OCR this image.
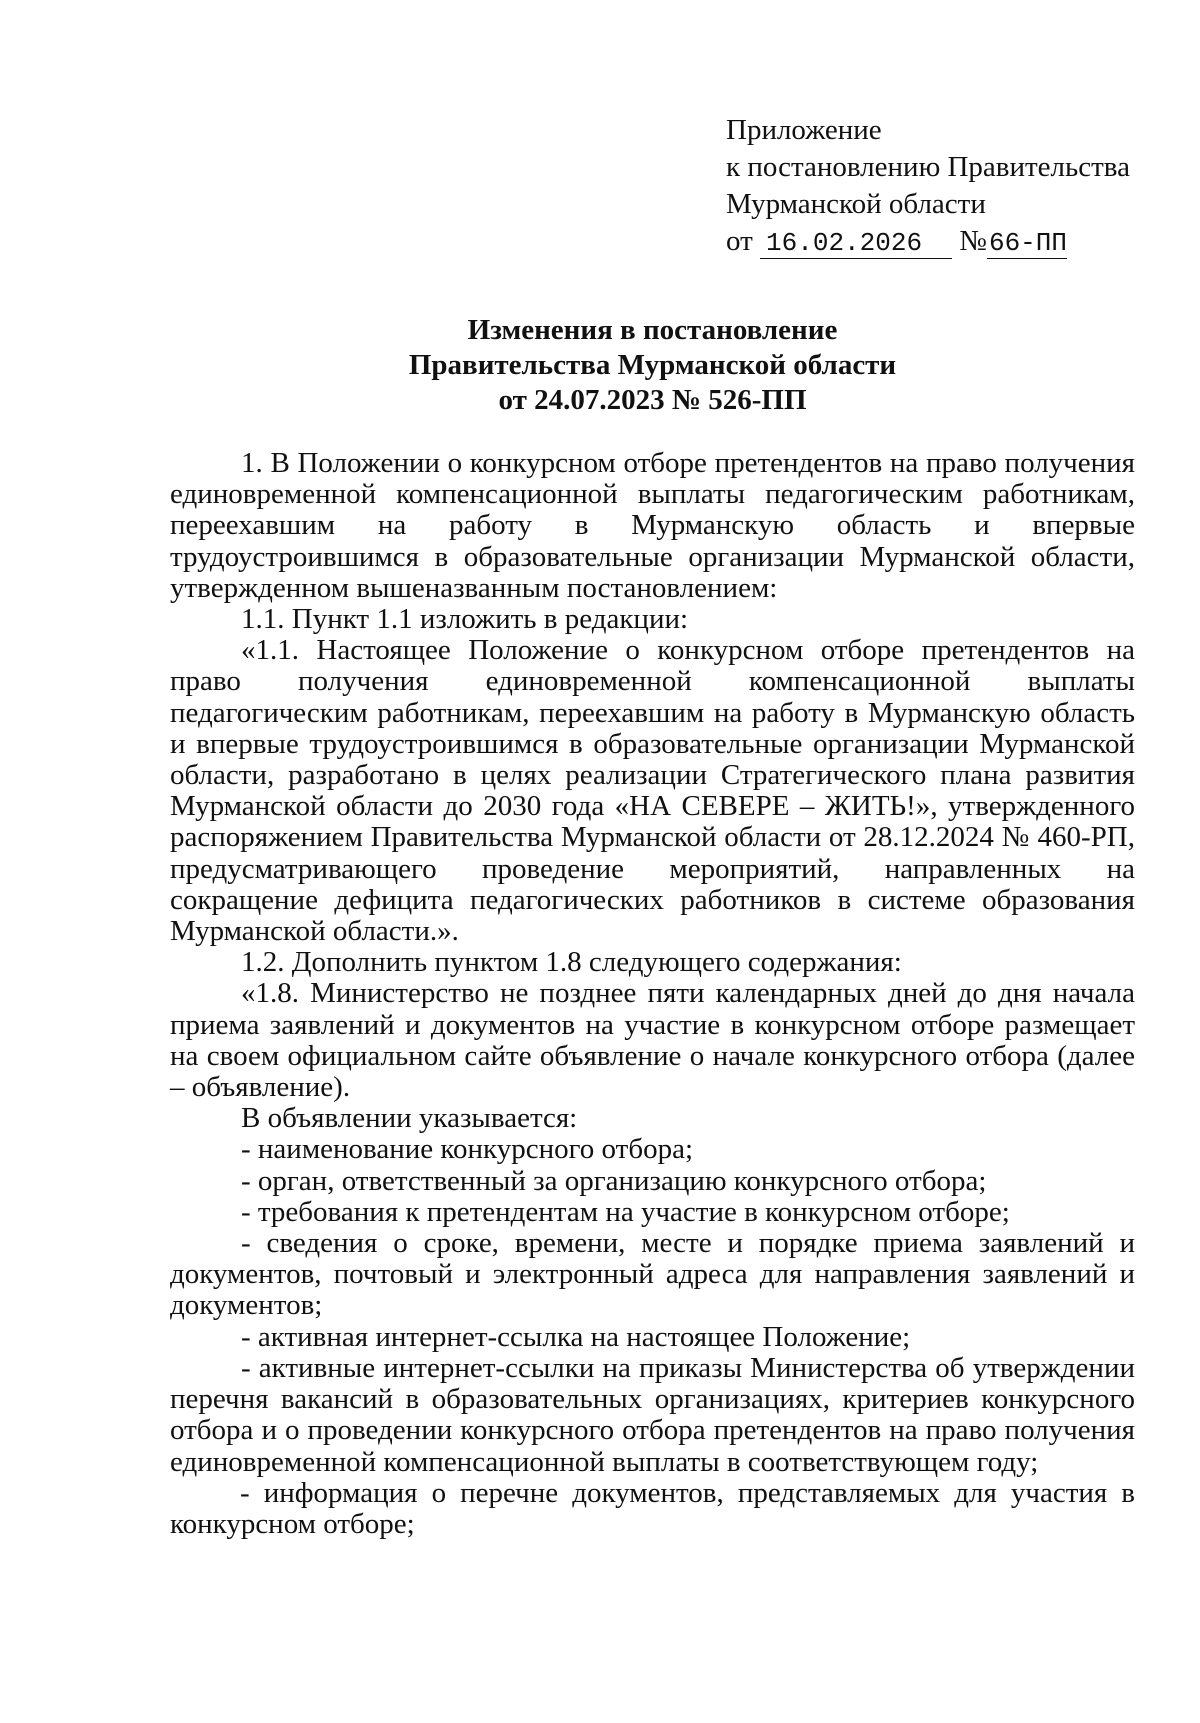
Приложение
к постановлению Правительства
Мурманской области
от 16.02.2026 №66-ПП
Изменения в постановление
Правительства Мурманской области
от 24.07.2023 № 526-ПП

1. В Положении о конкурсном отборе претендентов на право получения единовременной компенсационной выплаты педагогическим работникам, переехавшим на работу в Мурманскую область и впервые трудоустроившимся в образовательные организации Мурманской области, утвержденном вышеназванным постановлением:

1.1. Пункт 1.1 изложить в редакции:

«1.1. Настоящее Положение о конкурсном отборе претендентов на право получения единовременной компенсационной выплаты педагогическим работникам, переехавшим на работу в Мурманскую область и впервые трудоустроившимся в образовательные организации Мурманской области, разработано в целях реализации Стратегического плана развития Мурманской области до 2030 года «НА СЕВЕРЕ – ЖИТЬ!», утвержденного распоряжением Правительства Мурманской области от 28.12.2024 № 460-РП, предусматривающего проведение мероприятий, направленных на сокращение дефицита педагогических работников в системе образования Мурманской области.».

1.2. Дополнить пунктом 1.8 следующего содержания:

«1.8. Министерство не позднее пяти календарных дней до дня начала приема заявлений и документов на участие в конкурсном отборе размещает на своем официальном сайте объявление о начале конкурсного отбора (далее – объявление).

В объявлении указывается:

- наименование конкурсного отбора;

- орган, ответственный за организацию конкурсного отбора;

- требования к претендентам на участие в конкурсном отборе;

- сведения о сроке, времени, месте и порядке приема заявлений и документов, почтовый и электронный адреса для направления заявлений и документов;

- активная интернет-ссылка на настоящее Положение;

- активные интернет-ссылки на приказы Министерства об утверждении перечня вакансий в образовательных организациях, критериев конкурсного отбора и о проведении конкурсного отбора претендентов на право получения единовременной компенсационной выплаты в соответствующем году;

- информация о перечне документов, представляемых для участия в конкурсном отборе;
